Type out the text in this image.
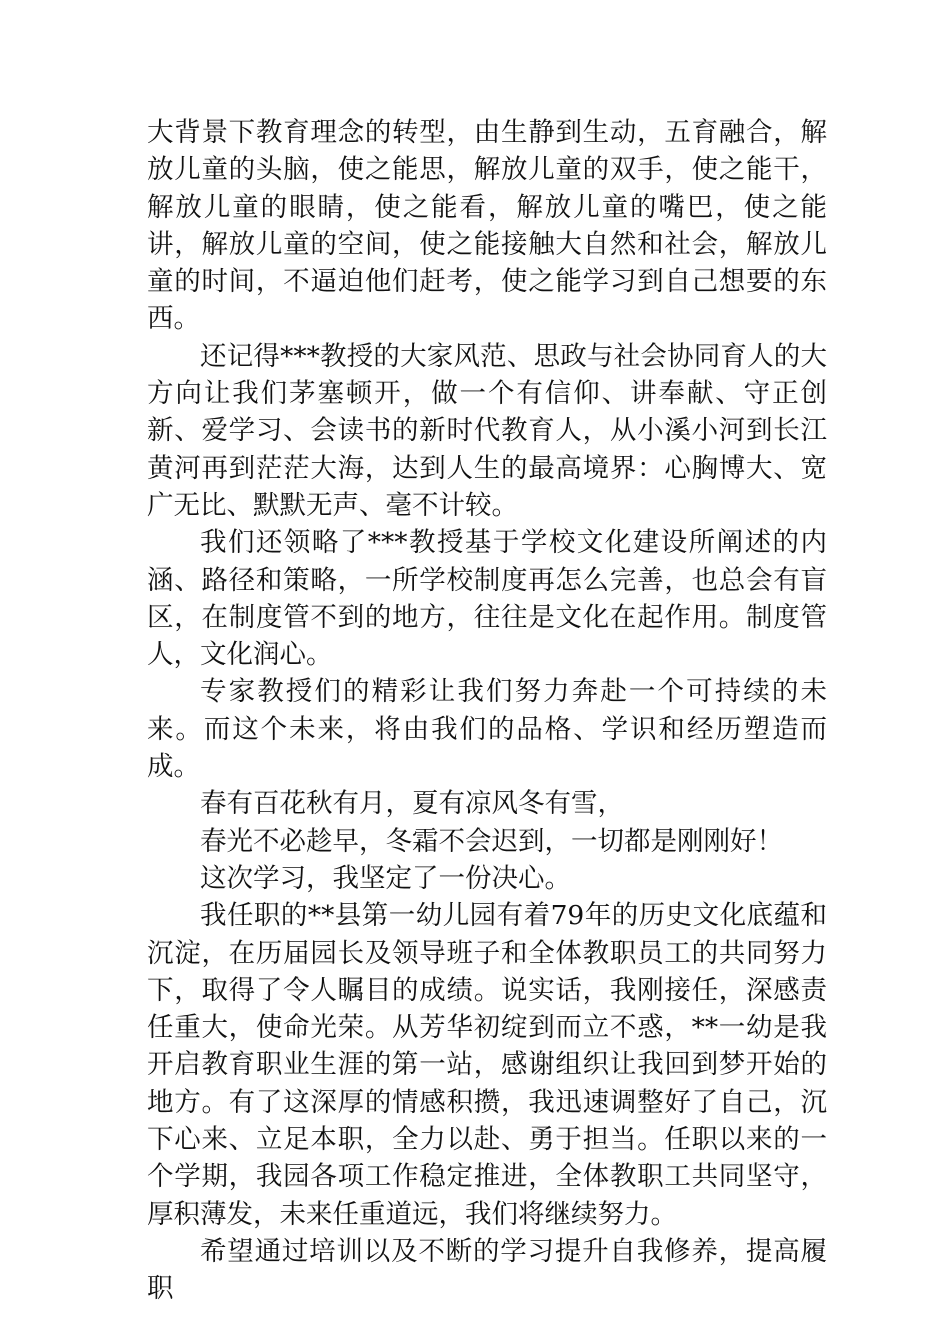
大背景下教育理念的转型，由生静到生动，五育融合，解放儿童的头脑，使之能思，解放儿童的双手，使之能干，解放儿童的眼睛，使之能看，解放儿童的嘴巴，使之能讲，解放儿童的空间，使之能接触大自然和社会，解放儿童的时间，不逼迫他们赶考，使之能学习到自己想要的东西。

还记得***教授的大家风范、思政与社会协同育人的大方向让我们茅塞顿开，做一个有信仰、讲奉献、守正创新、爱学习、会读书的新时代教育人，从小溪小河到长江黄河再到茫茫大海，达到人生的最高境界：心胸博大、宽广无比、默默无声、毫不计较。

我们还领略了***教授基于学校文化建设所阐述的内涵、路径和策略，一所学校制度再怎么完善，也总会有盲区，在制度管不到的地方，往往是文化在起作用。制度管人，文化润心。

专家教授们的精彩让我们努力奔赴一个可持续的未来。而这个未来，将由我们的品格、学识和经历塑造而成。

春有百花秋有月，夏有凉风冬有雪，

春光不必趁早，冬霜不会迟到，一切都是刚刚好！

这次学习，我坚定了一份决心。

我任职的**县第一幼儿园有着79年的历史文化底蕴和沉淀，在历届园长及领导班子和全体教职员工的共同努力下，取得了令人瞩目的成绩。说实话，我刚接任，深感责任重大，使命光荣。从芳华初绽到而立不惑，**一幼是我开启教育职业生涯的第一站，感谢组织让我回到梦开始的地方。有了这深厚的情感积攒，我迅速调整好了自己，沉下心来、立足本职，全力以赴、勇于担当。任职以来的一个学期，我园各项工作稳定推进，全体教职工共同坚守，厚积薄发，未来任重道远，我们将继续努力。

希望通过培训以及不断的学习提升自我修养，提高履职
